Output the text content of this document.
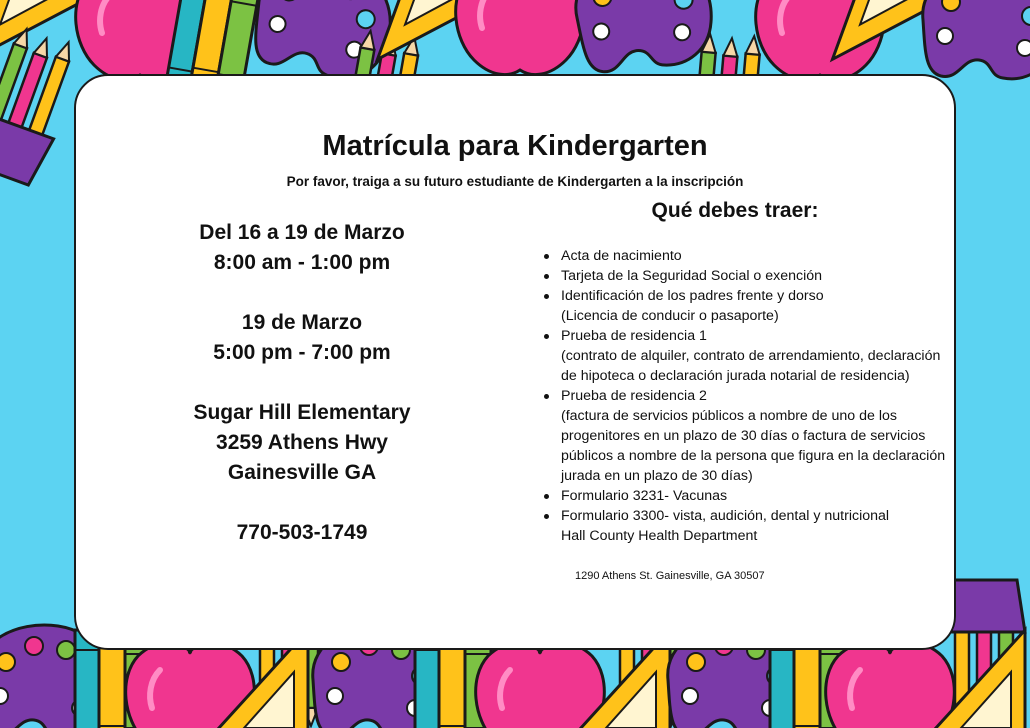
Matrícula para Kindergarten

Por favor, traiga a su futuro estudiante de Kindergarten a la inscripción

Del 16 a 19 de Marzo
8:00 am - 1:00 pm
19 de Marzo
5:00 pm - 7:00 pm
Sugar Hill Elementary
3259 Athens Hwy
Gainesville GA
770-503-1749
Qué debes traer:
Acta de nacimiento
Tarjeta de la Seguridad Social o exención
Identificación de los padres frente y dorso
(Licencia de conducir o pasaporte)
Prueba de residencia 1
(contrato de alquiler, contrato de arrendamiento, declaración de hipoteca o declaración jurada notarial de residencia)
Prueba de residencia 2
(factura de servicios públicos a nombre de uno de los progenitores en un plazo de 30 días o factura de servicios públicos a nombre de la persona que figura en la declaración jurada en un plazo de 30 días)
Formulario 3231- Vacunas
Formulario 3300- vista, audición, dental y nutricional
Hall County Health Department

1290 Athens St. Gainesville, GA 30507
